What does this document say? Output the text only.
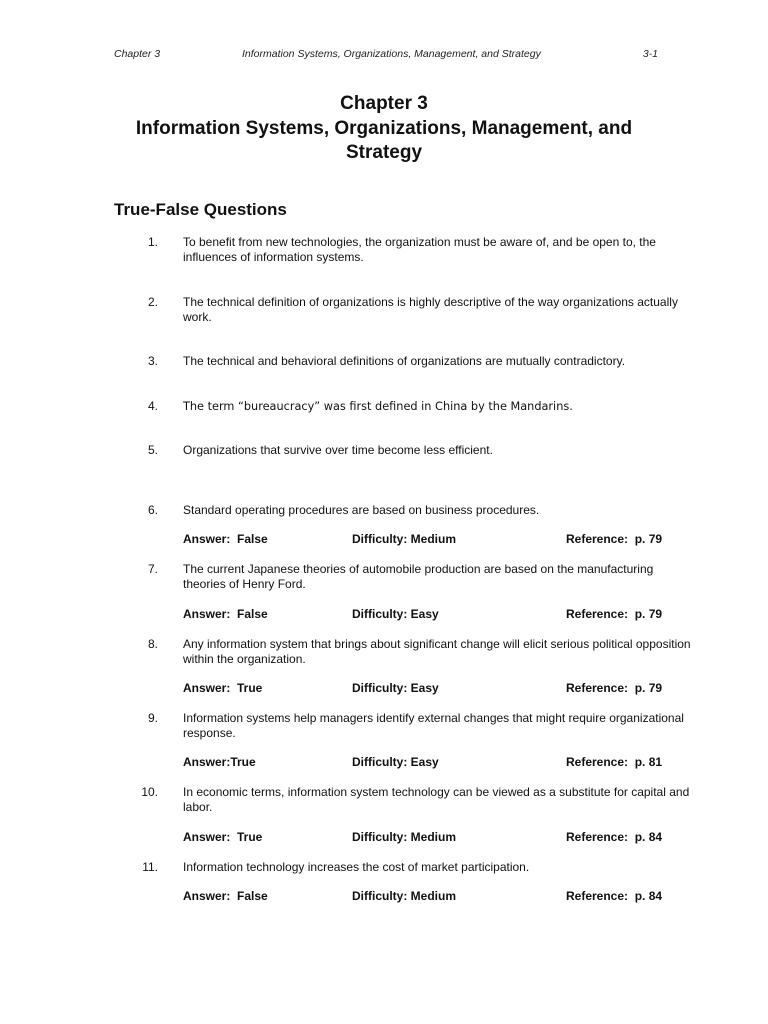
Chapter 3	Information Systems, Organizations, Management, and Strategy	3-1
Chapter 3
Information Systems, Organizations, Management, and
Strategy
True-False Questions
1. To benefit from new technologies, the organization must be aware of, and be open to, the influences of information systems.
2. The technical definition of organizations is highly descriptive of the way organizations actually work.
3. The technical and behavioral definitions of organizations are mutually contradictory.
4. The term “bureaucracy” was first defined in China by the Mandarins.
5. Organizations that survive over time become less efficient.
6. Standard operating procedures are based on business procedures.
Answer:  False	Difficulty: Medium	Reference:  p. 79
7. The current Japanese theories of automobile production are based on the manufacturing theories of Henry Ford.
Answer:  False	Difficulty: Easy	Reference:  p. 79
8. Any information system that brings about significant change will elicit serious political opposition within the organization.
Answer:  True	Difficulty: Easy	Reference:  p. 79
9. Information systems help managers identify external changes that might require organizational response.
Answer:True	Difficulty: Easy	Reference:  p. 81
10. In economic terms, information system technology can be viewed as a substitute for capital and labor.
Answer:  True	Difficulty: Medium	Reference:  p. 84
11. Information technology increases the cost of market participation.
Answer:  False	Difficulty: Medium	Reference:  p. 84
